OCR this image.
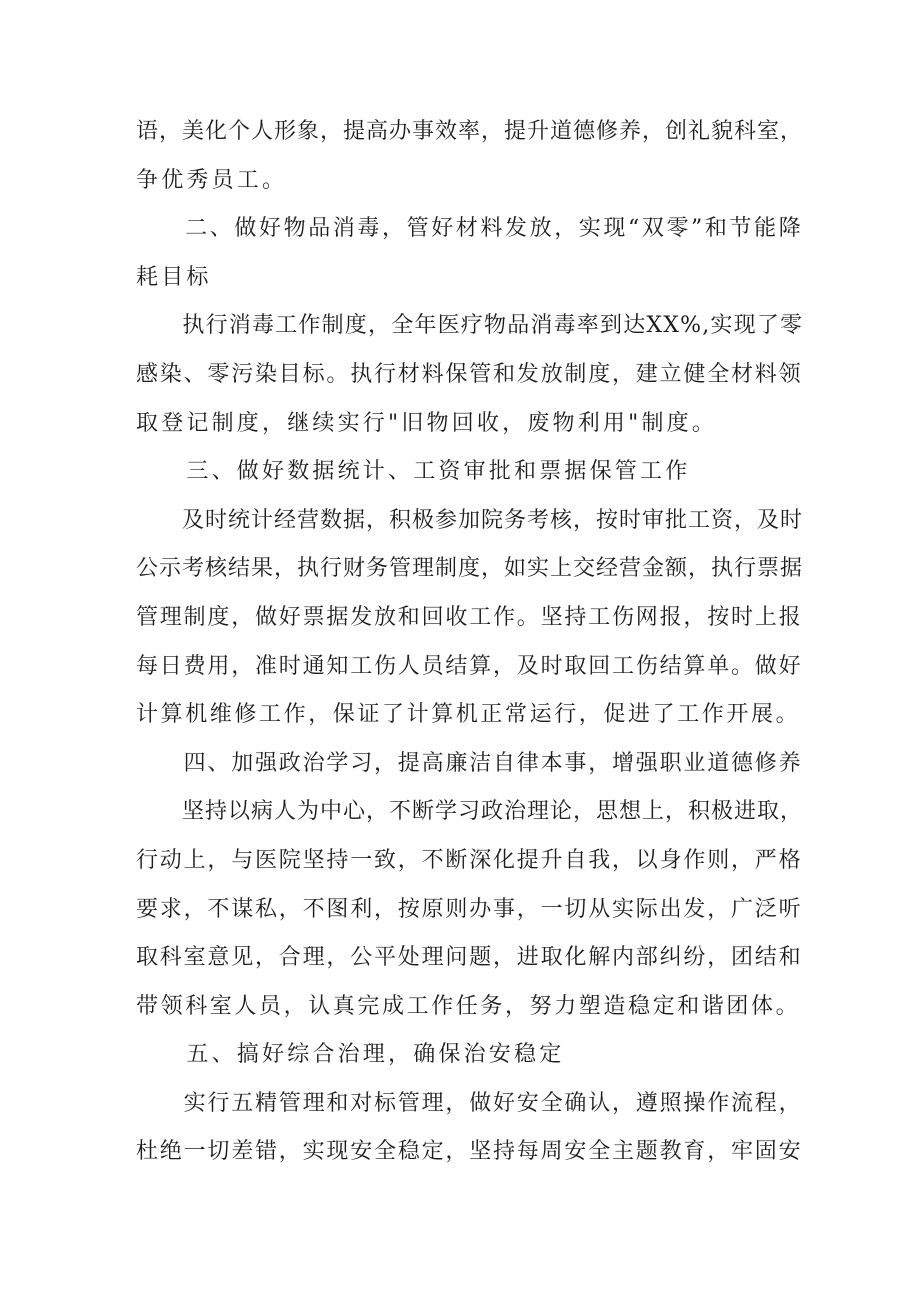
语，美化个人形象，提高办事效率，提升道德修养，创礼貌科室，

争优秀员工。

　　二、做好物品消毒，管好材料发放，实现“双零”和节能降

耗目标

　　执行消毒工作制度，全年医疗物品消毒率到达XX%,实现了零

感染、零污染目标。执行材料保管和发放制度，建立健全材料领

取登记制度，继续实行"旧物回收，废物利用"制度。

　　三、做好数据统计、工资审批和票据保管工作

　　及时统计经营数据，积极参加院务考核，按时审批工资，及时

公示考核结果，执行财务管理制度，如实上交经营金额，执行票据

管理制度，做好票据发放和回收工作。坚持工伤网报，按时上报

每日费用，准时通知工伤人员结算，及时取回工伤结算单。做好

计算机维修工作，保证了计算机正常运行，促进了工作开展。

　　四、加强政治学习，提高廉洁自律本事，增强职业道德修养

　　坚持以病人为中心，不断学习政治理论，思想上，积极进取，

行动上，与医院坚持一致，不断深化提升自我，以身作则，严格

要求，不谋私，不图利，按原则办事，一切从实际出发，广泛听

取科室意见，合理，公平处理问题，进取化解内部纠纷，团结和

带领科室人员，认真完成工作任务，努力塑造稳定和谐团体。

　　五、搞好综合治理，确保治安稳定

　　实行五精管理和对标管理，做好安全确认，遵照操作流程，

杜绝一切差错，实现安全稳定，坚持每周安全主题教育，牢固安
